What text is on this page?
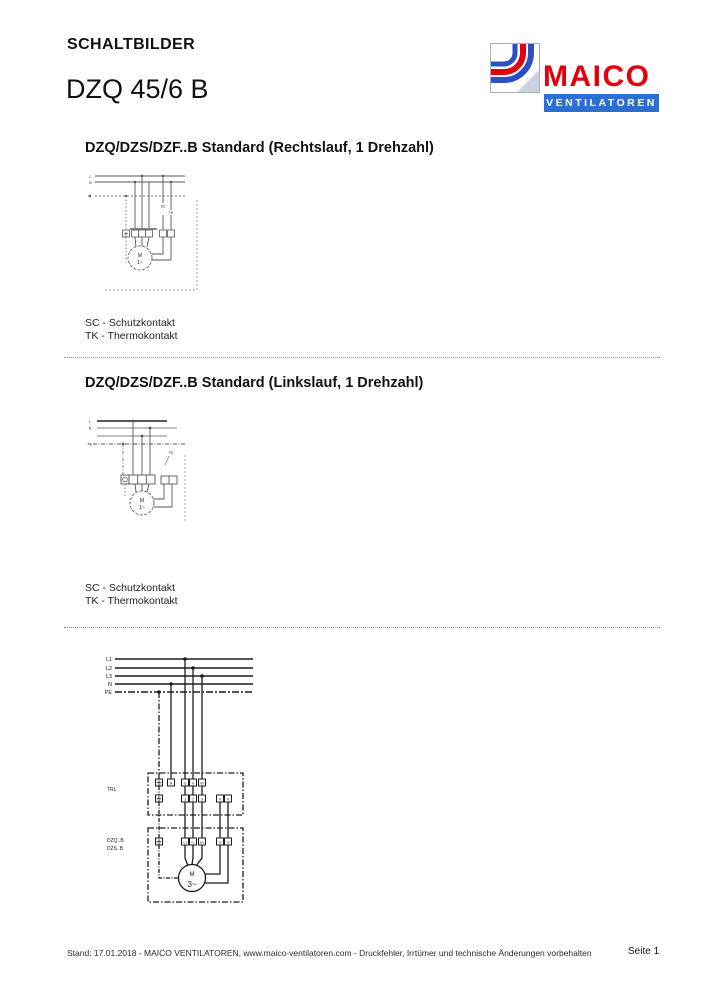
SCHALTBILDER
DZQ 45/6 B	MAICO
VENTILATOREN
DZQ/DZS/DZF..B Standard (Rechtslauf, 1 Drehzahl)
L
N
SC
TK
M
1~
SC - Schutzkontakt
TK - Thermokontakt
DZQ/DZS/DZF..B Standard (Linkslauf, 1 Drehzahl)
L
N
PE
TK
M
1~
SC - Schutzkontakt
TK - Thermokontakt
L1
L2
L3
N
PE
TRL
N	U V W
1 2 3	TK TK
DZQ..B
DZS..B
U1 V1 W1	TK TK
M
3~
Stand: 17.01.2018 - MAICO VENTILATOREN, www.maico-ventilatoren.com - Druckfehler, Irrtümer und technische Änderungen vorbehalten	Seite 1
